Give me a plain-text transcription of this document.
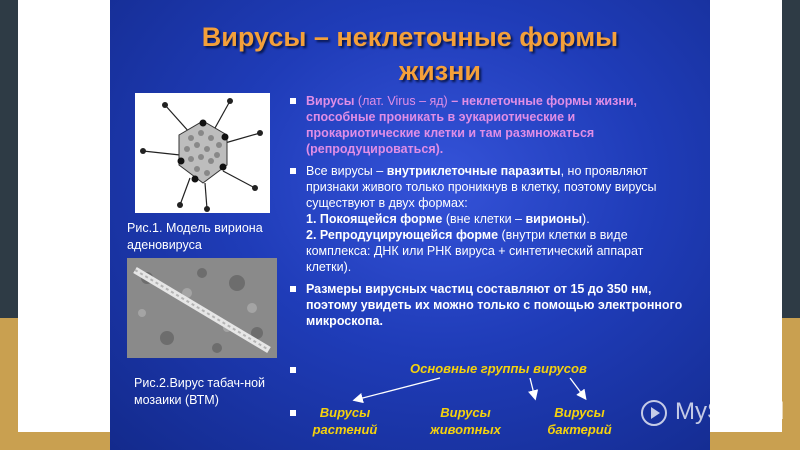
Вирусы – неклеточные формы
жизни
Рис.1. Модель вириона аденовируса
Рис.2.Вирус табач-ной мозаики (ВТМ)
Вирусы (лат. Virus – яд) – неклеточные формы жизни, способные проникать в эукариотические и прокариотические клетки и там размножаться (репродуцироваться).
Все вирусы – внутриклеточные паразиты, но проявляют признаки живого только проникнув в клетку, поэтому вирусы существуют в двух формах:
1. Покоящейся форме (вне клетки – вирионы).
2. Репродуцирующейся форме (внутри клетки в виде комплекса: ДНК или РНК вируса + синтетический аппарат клетки).
Размеры вирусных частиц составляют от 15 до 350 нм, поэтому увидеть их можно только с помощью электронного микроскопа.
Основные группы вирусов
Вирусы растений
Вирусы животных
Вирусы бактерий
MyShared
